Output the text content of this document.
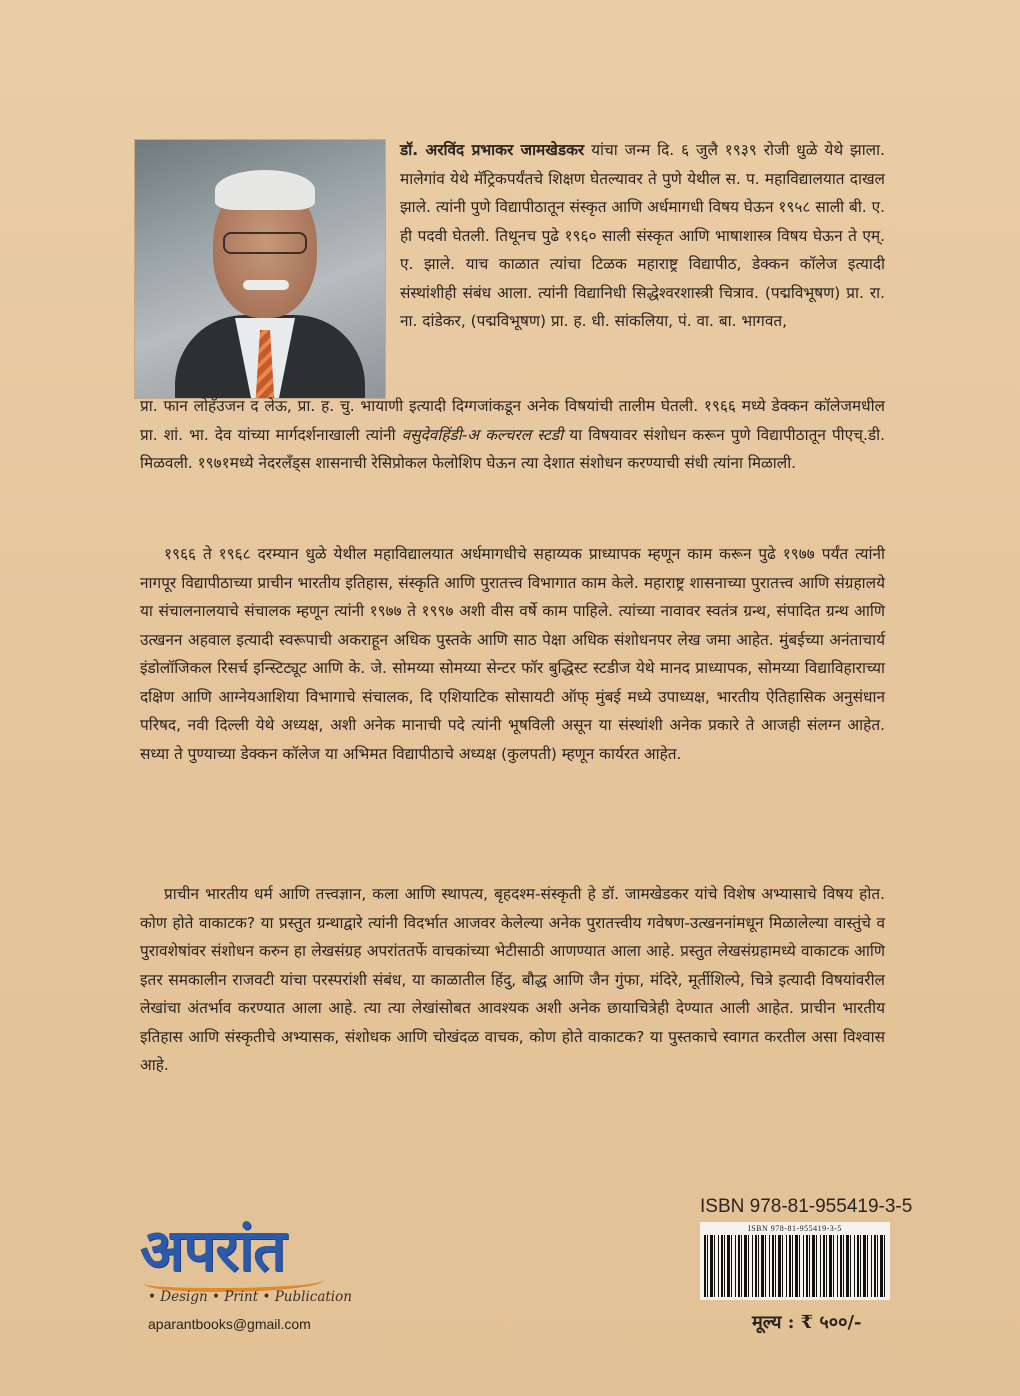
डॉ. अरविंद प्रभाकर जामखेडकर यांचा जन्म दि. ६ जुलै १९३९ रोजी धुळे येथे झाला. मालेगांव येथे मॅट्रिकपर्यंतचे शिक्षण घेतल्यावर ते पुणे येथील स. प. महाविद्यालयात दाखल झाले. त्यांनी पुणे विद्यापीठातून संस्कृत आणि अर्धमागधी विषय घेऊन १९५८ साली बी. ए. ही पदवी घेतली. तिथूनच पुढे १९६० साली संस्कृत आणि भाषाशास्त्र विषय घेऊन ते एम्. ए. झाले. याच काळात त्यांचा टिळक महाराष्ट्र विद्यापीठ, डेक्कन कॉलेज इत्यादी संस्थांशीही संबंध आला. त्यांनी विद्यानिधी सिद्धेश्वरशास्त्री चित्राव. (पद्मविभूषण) प्रा. रा. ना. दांडेकर, (पद्मविभूषण) प्रा. ह. धी. सांकलिया, पं. वा. बा. भागवत,

प्रा. फान लोहॅउजन द लेऊ, प्रा. ह. चु. भायाणी इत्यादी दिग्गजांकडून अनेक विषयांची तालीम घेतली. १९६६ मध्ये डेक्कन कॉलेजमधील प्रा. शां. भा. देव यांच्या मार्गदर्शनाखाली त्यांनी वसुदेवहिंडी-अ कल्चरल स्टडी या विषयावर संशोधन करून पुणे विद्यापीठातून पीएच्.डी. मिळवली. १९७१मध्ये नेदरलँड्स शासनाची रेसिप्रोकल फेलोशिप घेऊन त्या देशात संशोधन करण्याची संधी त्यांना मिळाली.

१९६६ ते १९६८ दरम्यान धुळे येथील महाविद्यालयात अर्धमागधीचे सहाय्यक प्राध्यापक म्हणून काम करून पुढे १९७७ पर्यंत त्यांनी नागपूर विद्यापीठाच्या प्राचीन भारतीय इतिहास, संस्कृति आणि पुरातत्त्व विभागात काम केले. महाराष्ट्र शासनाच्या पुरातत्त्व आणि संग्रहालये या संचालनालयाचे संचालक म्हणून त्यांनी १९७७ ते १९९७ अशी वीस वर्षे काम पाहिले. त्यांच्या नावावर स्वतंत्र ग्रन्थ, संपादित ग्रन्थ आणि उत्खनन अहवाल इत्यादी स्वरूपाची अकराहून अधिक पुस्तके आणि साठ पेक्षा अधिक संशोधनपर लेख जमा आहेत. मुंबईच्या अनंताचार्य इंडोलॉजिकल रिसर्च इन्स्टिट्यूट आणि के. जे. सोमय्या सोमय्या सेन्टर फॉर बुद्धिस्ट स्टडीज येथे मानद प्राध्यापक, सोमय्या विद्याविहाराच्या दक्षिण आणि आग्नेयआशिया विभागाचे संचालक, दि एशियाटिक सोसायटी ऑफ् मुंबई मध्ये उपाध्यक्ष, भारतीय ऐतिहासिक अनुसंधान परिषद, नवी दिल्ली येथे अध्यक्ष, अशी अनेक मानाची पदे त्यांनी भूषविली असून या संस्थांशी अनेक प्रकारे ते आजही संलग्न आहेत. सध्या ते पुण्याच्या डेक्कन कॉलेज या अभिमत विद्यापीठाचे अध्यक्ष (कुलपती) म्हणून कार्यरत आहेत.

प्राचीन भारतीय धर्म आणि तत्त्वज्ञान, कला आणि स्थापत्य, बृहदश्म-संस्कृती हे डॉ. जामखेडकर यांचे विशेष अभ्यासाचे विषय होत. कोण होते वाकाटक? या प्रस्तुत ग्रन्थाद्वारे त्यांनी विदर्भात आजवर केलेल्या अनेक पुरातत्त्वीय गवेषण-उत्खननांमधून मिळालेल्या वास्तुंचे व पुरावशेषांवर संशोधन करुन हा लेखसंग्रह अपरांततर्फे वाचकांच्या भेटीसाठी आणण्यात आला आहे. प्रस्तुत लेखसंग्रहामध्ये वाकाटक आणि इतर समकालीन राजवटी यांचा परस्परांशी संबंध, या काळातील हिंदु, बौद्ध आणि जैन गुंफा, मंदिरे, मूर्तीशिल्पे, चित्रे इत्यादी विषयांवरील लेखांचा अंतर्भाव करण्यात आला आहे. त्या त्या लेखांसोबत आवश्यक अशी अनेक छायाचित्रेही देण्यात आली आहेत. प्राचीन भारतीय इतिहास आणि संस्कृतीचे अभ्यासक, संशोधक आणि चोखंदळ वाचक, कोण होते वाकाटक? या पुस्तकाचे स्वागत करतील असा विश्वास आहे.

अपरांत
• Design • Print • Publication
aparantbooks@gmail.com
ISBN 978-81-955419-3-5
ISBN 978-81-955419-3-5
मूल्य : ₹ ५००/-
